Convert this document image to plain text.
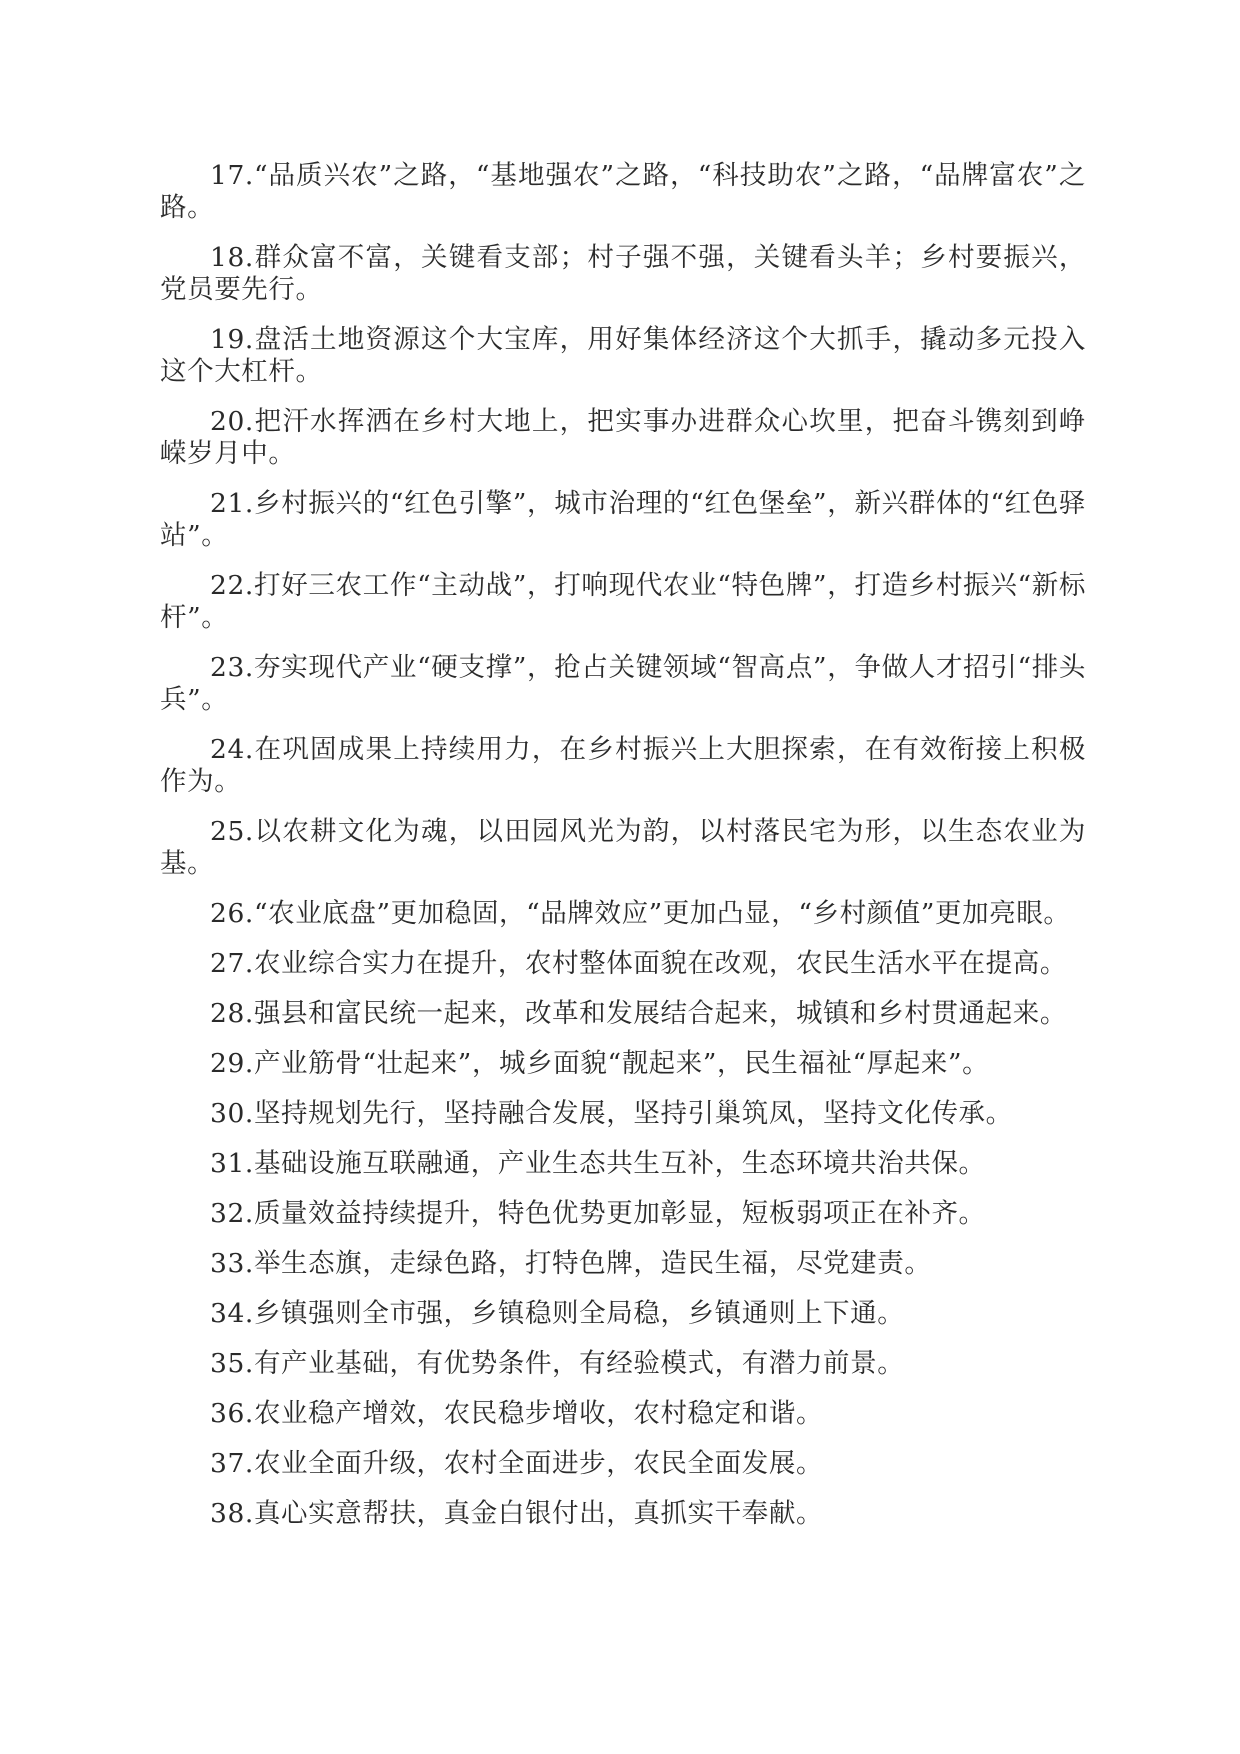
17.“品质兴农”之路，“基地强农”之路，“科技助农”之路，“品牌富农”之路。

18.群众富不富，关键看支部；村子强不强，关键看头羊；乡村要振兴，党员要先行。

19.盘活土地资源这个大宝库，用好集体经济这个大抓手，撬动多元投入这个大杠杆。

20.把汗水挥洒在乡村大地上，把实事办进群众心坎里，把奋斗镌刻到峥嵘岁月中。

21.乡村振兴的“红色引擎”，城市治理的“红色堡垒”，新兴群体的“红色驿站”。

22.打好三农工作“主动战”，打响现代农业“特色牌”，打造乡村振兴“新标杆”。

23.夯实现代产业“硬支撑”，抢占关键领域“智高点”，争做人才招引“排头兵”。

24.在巩固成果上持续用力，在乡村振兴上大胆探索，在有效衔接上积极作为。

25.以农耕文化为魂，以田园风光为韵，以村落民宅为形，以生态农业为基。

26.“农业底盘”更加稳固，“品牌效应”更加凸显，“乡村颜值”更加亮眼。

27.农业综合实力在提升，农村整体面貌在改观，农民生活水平在提高。

28.强县和富民统一起来，改革和发展结合起来，城镇和乡村贯通起来。

29.产业筋骨“壮起来”，城乡面貌“靓起来”，民生福祉“厚起来”。

30.坚持规划先行，坚持融合发展，坚持引巢筑凤，坚持文化传承。

31.基础设施互联融通，产业生态共生互补，生态环境共治共保。

32.质量效益持续提升，特色优势更加彰显，短板弱项正在补齐。

33.举生态旗，走绿色路，打特色牌，造民生福，尽党建责。

34.乡镇强则全市强，乡镇稳则全局稳，乡镇通则上下通。

35.有产业基础，有优势条件，有经验模式，有潜力前景。

36.农业稳产增效，农民稳步增收，农村稳定和谐。

37.农业全面升级，农村全面进步，农民全面发展。

38.真心实意帮扶，真金白银付出，真抓实干奉献。
